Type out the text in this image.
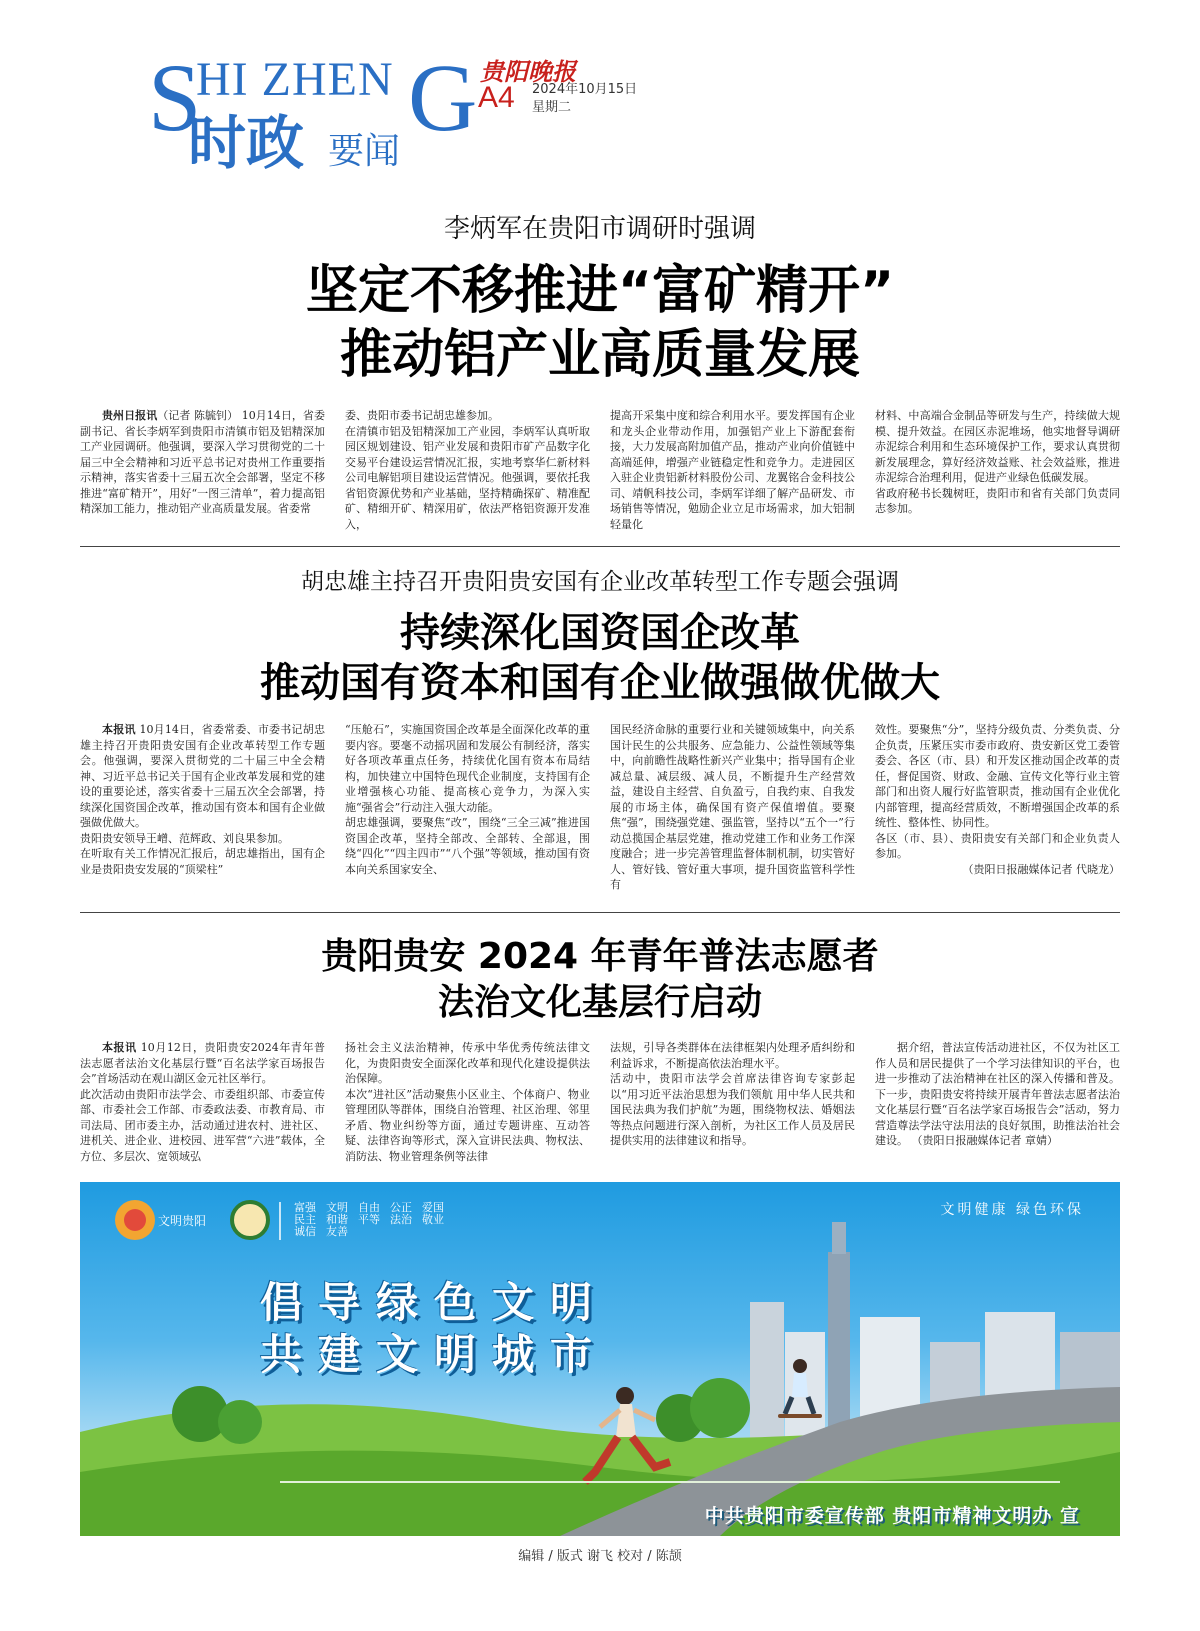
S
HI ZHEN G
时政 要闻
贵阳晚报
A4 2024年10月15日
星期二
李炳军在贵阳市调研时强调
坚定不移推进“富矿精开”
推动铝产业高质量发展

贵州日报讯（记者 陈毓钊） 10月14日，省委副书记、省长李炳军到贵阳市清镇市铝及铝精深加工产业园调研。他强调，要深入学习贯彻党的二十届三中全会精神和习近平总书记对贵州工作重要指示精神，落实省委十三届五次全会部署，坚定不移推进“富矿精开”，用好“一图三清单”，着力提高铝精深加工能力，推动铝产业高质量发展。省委常

委、贵阳市委书记胡忠雄参加。
在清镇市铝及铝精深加工产业园，李炳军认真听取园区规划建设、铝产业发展和贵阳市矿产品数字化交易平台建设运营情况汇报，实地考察华仁新材料公司电解铝项目建设运营情况。他强调，要依托我省铝资源优势和产业基础，坚持精确探矿、精准配矿、精细开矿、精深用矿，依法严格铝资源开发准入，

提高开采集中度和综合利用水平。要发挥国有企业和龙头企业带动作用，加强铝产业上下游配套衔接，大力发展高附加值产品，推动产业向价值链中高端延伸，增强产业链稳定性和竞争力。走进园区入驻企业贵铝新材料股份公司、龙翼铭合金科技公司、靖帆科技公司，李炳军详细了解产品研发、市场销售等情况，勉励企业立足市场需求，加大铝制轻量化

材料、中高端合金制品等研发与生产，持续做大规模、提升效益。在园区赤泥堆场，他实地督导调研赤泥综合利用和生态环境保护工作，要求认真贯彻新发展理念，算好经济效益账、社会效益账，推进赤泥综合治理利用，促进产业绿色低碳发展。
省政府秘书长魏树旺，贵阳市和省有关部门负责同志参加。

胡忠雄主持召开贵阳贵安国有企业改革转型工作专题会强调
持续深化国资国企改革
推动国有资本和国有企业做强做优做大

本报讯 10月14日，省委常委、市委书记胡忠雄主持召开贵阳贵安国有企业改革转型工作专题会。他强调，要深入贯彻党的二十届三中全会精神、习近平总书记关于国有企业改革发展和党的建设的重要论述，落实省委十三届五次全会部署，持续深化国资国企改革，推动国有资本和国有企业做强做优做大。
贵阳贵安领导王嶒、范辉政、刘良果参加。
在听取有关工作情况汇报后，胡忠雄指出，国有企业是贵阳贵安发展的“顶梁柱”

“压舱石”，实施国资国企改革是全面深化改革的重要内容。要毫不动摇巩固和发展公有制经济，落实好各项改革重点任务，持续优化国有资本布局结构，加快建立中国特色现代企业制度，支持国有企业增强核心功能、提高核心竞争力，为深入实施“强省会”行动注入强大动能。
胡忠雄强调，要聚焦“改”，围绕“三全三减”推进国资国企改革，坚持全部改、全部转、全部退，围绕“四化”“四主四市”“八个强”等领域，推动国有资本向关系国家安全、

国民经济命脉的重要行业和关键领域集中，向关系国计民生的公共服务、应急能力、公益性领域等集中，向前瞻性战略性新兴产业集中；指导国有企业减总量、减层级、减人员，不断提升生产经营效益，建设自主经营、自负盈亏，自我约束、自我发展的市场主体，确保国有资产保值增值。要聚焦“强”，围绕强党建、强监管，坚持以“五个一”行动总揽国企基层党建，推动党建工作和业务工作深度融合；进一步完善管理监督体制机制，切实管好人、管好钱、管好重大事项，提升国资监管科学性有

效性。要聚焦“分”，坚持分级负责、分类负责、分企负责，压紧压实市委市政府、贵安新区党工委管委会、各区（市、县）和开发区推动国企改革的责任，督促国资、财政、金融、宣传文化等行业主管部门和出资人履行好监管职责，推动国有企业优化内部管理，提高经营质效，不断增强国企改革的系统性、整体性、协同性。
各区（市、县）、贵阳贵安有关部门和企业负责人参加。

（贵阳日报融媒体记者 代晓龙）

贵阳贵安 2024 年青年普法志愿者
法治文化基层行启动

本报讯 10月12日，贵阳贵安2024年青年普法志愿者法治文化基层行暨“百名法学家百场报告会”首场活动在观山湖区金元社区举行。
此次活动由贵阳市法学会、市委组织部、市委宣传部、市委社会工作部、市委政法委、市教育局、市司法局、团市委主办，活动通过进农村、进社区、进机关、进企业、进校园、进军营“六进”载体，全方位、多层次、宽领域弘

扬社会主义法治精神，传承中华优秀传统法律文化，为贵阳贵安全面深化改革和现代化建设提供法治保障。
本次“进社区”活动聚焦小区业主、个体商户、物业管理团队等群体，围绕自治管理、社区治理、邻里矛盾、物业纠纷等方面，通过专题讲座、互动答疑、法律咨询等形式，深入宣讲民法典、物权法、消防法、物业管理条例等法律

法规，引导各类群体在法律框架内处理矛盾纠纷和利益诉求，不断提高依法治理水平。
活动中，贵阳市法学会首席法律咨询专家彭起以“用习近平法治思想为我们领航 用中华人民共和国民法典为我们护航”为题，围绕物权法、婚姻法等热点问题进行深入剖析，为社区工作人员及居民提供实用的法律建议和指导。

据介绍，普法宣传活动进社区，不仅为社区工作人员和居民提供了一个学习法律知识的平台，也进一步推动了法治精神在社区的深入传播和普及。下一步，贵阳贵安将持续开展青年普法志愿者法治文化基层行暨“百名法学家百场报告会”活动，努力营造尊法学法守法用法的良好氛围，助推法治社会建设。 （贵阳日报融媒体记者 章婧）

文明贵阳
富强 文明 自由 公正 爱国
民主 和谐 平等 法治 敬业
诚信 友善
文明健康 绿色环保
倡导绿色文明
共建文明城市
中共贵阳市委宣传部 贵阳市精神文明办 宣
编辑 / 版式 谢飞 校对 / 陈颉
